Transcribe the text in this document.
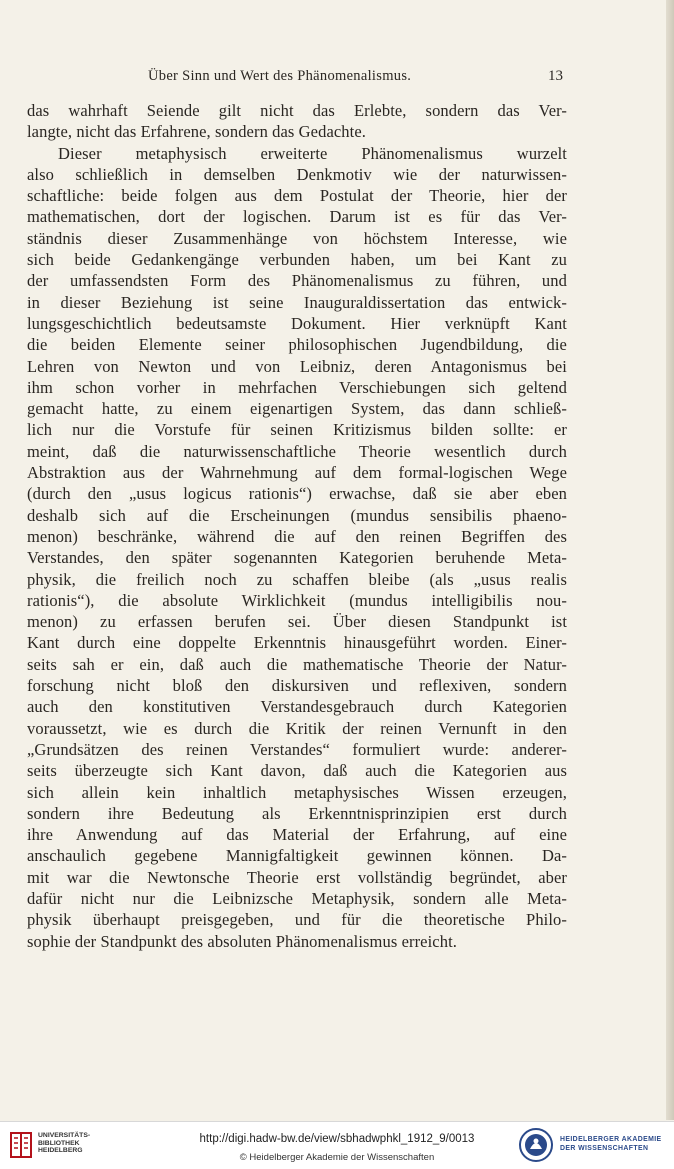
Über Sinn und Wert des Phänomenalismus.	13
das wahrhaft Seiende gilt nicht das Erlebte, sondern das Ver-
langte, nicht das Erfahrene, sondern das Gedachte.
Dieser metaphysisch erweiterte Phänomenalismus wurzelt
also schließlich in demselben Denkmotiv wie der naturwissen-
schaftliche: beide folgen aus dem Postulat der Theorie, hier der
mathematischen, dort der logischen. Darum ist es für das Ver-
ständnis dieser Zusammenhänge von höchstem Interesse, wie
sich beide Gedankengänge verbunden haben, um bei Kant zu
der umfassendsten Form des Phänomenalismus zu führen, und
in dieser Beziehung ist seine Inauguraldissertation das entwick-
lungsgeschichtlich bedeutsamste Dokument. Hier verknüpft Kant
die beiden Elemente seiner philosophischen Jugendbildung, die
Lehren von Newton und von Leibniz, deren Antagonismus bei
ihm schon vorher in mehrfachen Verschiebungen sich geltend
gemacht hatte, zu einem eigenartigen System, das dann schließ-
lich nur die Vorstufe für seinen Kritizismus bilden sollte: er
meint, daß die naturwissenschaftliche Theorie wesentlich durch
Abstraktion aus der Wahrnehmung auf dem formal-logischen Wege
(durch den „usus logicus rationis“) erwachse, daß sie aber eben
deshalb sich auf die Erscheinungen (mundus sensibilis phaeno-
menon) beschränke, während die auf den reinen Begriffen des
Verstandes, den später sogenannten Kategorien beruhende Meta-
physik, die freilich noch zu schaffen bleibe (als „usus realis
rationis“), die absolute Wirklichkeit (mundus intelligibilis nou-
menon) zu erfassen berufen sei. Über diesen Standpunkt ist
Kant durch eine doppelte Erkenntnis hinausgeführt worden. Einer-
seits sah er ein, daß auch die mathematische Theorie der Natur-
forschung nicht bloß den diskursiven und reflexiven, sondern
auch den konstitutiven Verstandesgebrauch durch Kategorien
voraussetzt, wie es durch die Kritik der reinen Vernunft in den
„Grundsätzen des reinen Verstandes“ formuliert wurde: anderer-
seits überzeugte sich Kant davon, daß auch die Kategorien aus
sich allein kein inhaltlich metaphysisches Wissen erzeugen,
sondern ihre Bedeutung als Erkenntnisprinzipien erst durch
ihre Anwendung auf das Material der Erfahrung, auf eine
anschaulich gegebene Mannigfaltigkeit gewinnen können. Da-
mit war die Newtonsche Theorie erst vollständig begründet, aber
dafür nicht nur die Leibnizsche Metaphysik, sondern alle Meta-
physik überhaupt preisgegeben, und für die theoretische Philo-
sophie der Standpunkt des absoluten Phänomenalismus erreicht.
UNIVERSITÄTS-
BIBLIOTHEK
HEIDELBERG
http://digi.hadw-bw.de/view/sbhadwphkl_1912_9/0013
© Heidelberger Akademie der Wissenschaften
HEIDELBERGER AKADEMIE
DER WISSENSCHAFTEN
